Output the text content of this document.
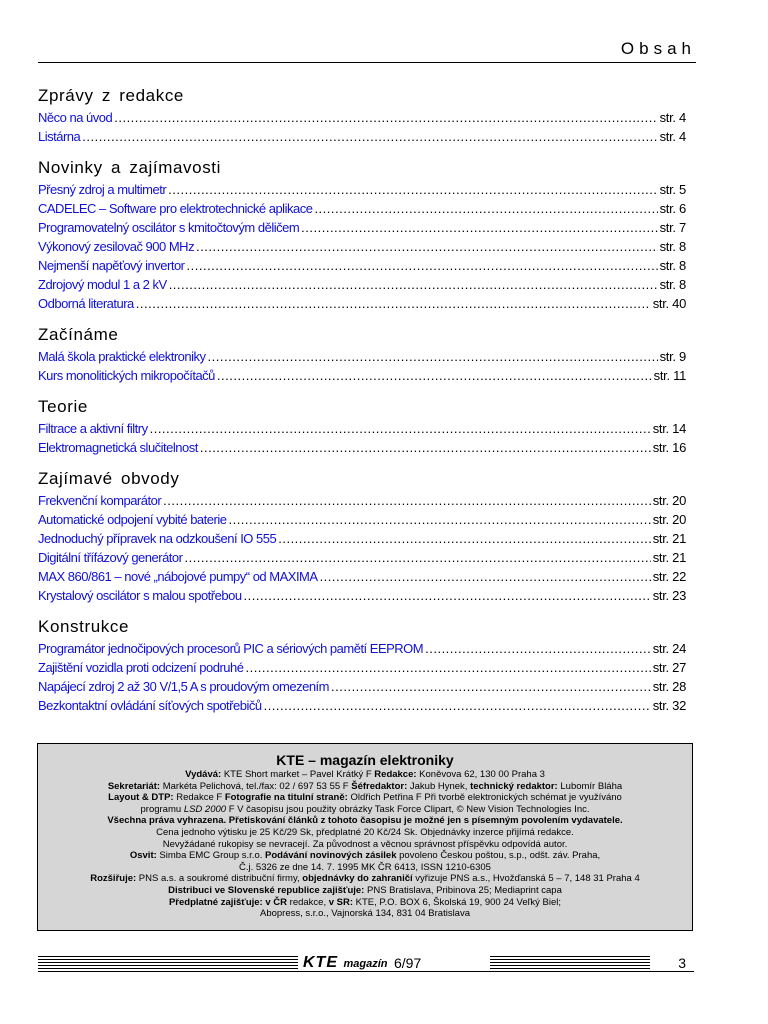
Obsah
Zprávy z redakce
Něco na úvod .....	str. 4
Listárna .....	str. 4
Novinky a zajímavosti
Přesný zdroj a multimetr .....	str. 5
CADELEC – Software pro elektrotechnické aplikace .....	str. 6
Programovatelný oscilátor s kmitočtovým děličem .....	str. 7
Výkonový zesilovač 900 MHz .....	str. 8
Nejmenší napěťový invertor .....	str. 8
Zdrojový modul 1 a 2 kV .....	str. 8
Odborná literatura .....	str. 40
Začínáme
Malá škola praktické elektroniky .....	str. 9
Kurs monolitických mikropočítačů .....	str. 11
Teorie
Filtrace a aktivní filtry .....	str. 14
Elektromagnetická slučitelnost .....	str. 16
Zajímavé obvody
Frekvenční komparátor .....	str. 20
Automatické odpojení vybité baterie .....	str. 20
Jednoduchý přípravek na odzkoušení IO 555 .....	str. 21
Digitální třífázový generátor .....	str. 21
MAX 860/861 – nové „nábojové pumpy“ od MAXIMA .....	str. 22
Krystalový oscilátor s malou spotřebou .....	str. 23
Konstrukce
Programátor jednočipových procesorů PIC a sériových pamětí EEPROM .....	str. 24
Zajištění vozidla proti odcizení podruhé .....	str. 27
Napájecí zdroj 2 až 30 V/1,5 A s proudovým omezením .....	str. 28
Bezkontaktní ovládání síťových spotřebičů .....	str. 32
KTE – magazín elektroniky
Vydává: KTE Short market – Pavel Krátký F Redakce: Koněvova 62, 130 00 Praha 3
Sekretariát: Markéta Pelichová, tel./fax: 02 / 697 53 55 F Šéfredaktor: Jakub Hynek, technický redaktor: Lubomír Bláha
Layout & DTP: Redakce F Fotografie na titulní straně: Oldřich Petřina F Při tvorbě elektronických schémat je využíváno
programu LSD 2000 F V časopisu jsou použity obrázky Task Force Clipart, © New Vision Technologies Inc.
Všechna práva vyhrazena. Přetiskování článků z tohoto časopisu je možné jen s písemným povolením vydavatele.
Cena jednoho výtisku je 25 Kč/29 Sk, předplatné 20 Kč/24 Sk. Objednávky inzerce přijímá redakce.
Nevyžádané rukopisy se nevracejí. Za původnost a věcnou správnost příspěvku odpovídá autor.
Osvit: Simba EMC Group s.r.o. Podávání novinových zásilek povoleno Českou poštou, s.p., odšt. záv. Praha,
Č.j. 5326 ze dne 14. 7. 1995 MK ČR 6413, ISSN 1210-6305
Rozšiřuje: PNS a.s. a soukromé distribuční firmy, objednávky do zahraničí vyřizuje PNS a.s., Hvožďanská 5 – 7, 148 31 Praha 4
Distribuci ve Slovenské republice zajišťuje: PNS Bratislava, Pribinova 25; Mediaprint capa
Předplatné zajišťuje: v ČR redakce, v SR: KTE, P.O. BOX 6, Školská 19, 900 24 Veľký Biel;
Abopress, s.r.o., Vajnorská 134, 831 04 Bratislava
KTE magazín 6/97	3
